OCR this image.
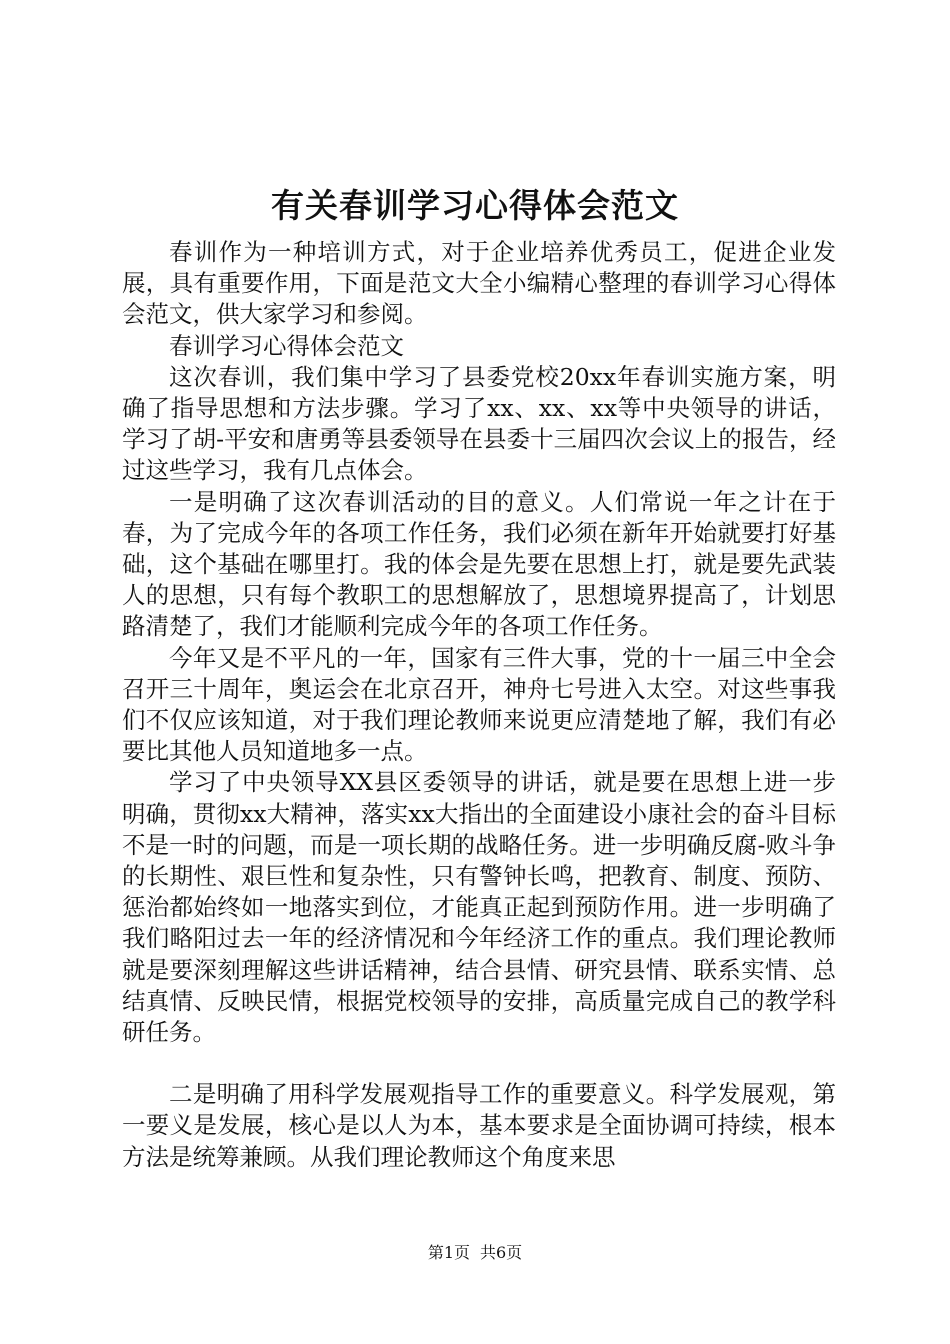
有关春训学习心得体会范文

春训作为一种培训方式，对于企业培养优秀员工，促进企业发展，具有重要作用，下面是范文大全小编精心整理的春训学习心得体会范文，供大家学习和参阅。

春训学习心得体会范文

这次春训，我们集中学习了县委党校20xx年春训实施方案，明确了指导思想和方法步骤。学习了xx、xx、xx等中央领导的讲话，学习了胡-平安和唐勇等县委领导在县委十三届四次会议上的报告，经过这些学习，我有几点体会。

一是明确了这次春训活动的目的意义。人们常说一年之计在于春，为了完成今年的各项工作任务，我们必须在新年开始就要打好基础，这个基础在哪里打。我的体会是先要在思想上打，就是要先武装人的思想，只有每个教职工的思想解放了，思想境界提高了，计划思路清楚了，我们才能顺利完成今年的各项工作任务。

今年又是不平凡的一年，国家有三件大事，党的十一届三中全会召开三十周年，奥运会在北京召开，神舟七号进入太空。对这些事我们不仅应该知道，对于我们理论教师来说更应清楚地了解，我们有必要比其他人员知道地多一点。

学习了中央领导XX县区委领导的讲话，就是要在思想上进一步明确，贯彻xx大精神，落实xx大指出的全面建设小康社会的奋斗目标不是一时的问题，而是一项长期的战略任务。进一步明确反腐-败斗争的长期性、艰巨性和复杂性，只有警钟长鸣，把教育、制度、预防、惩治都始终如一地落实到位，才能真正起到预防作用。进一步明确了我们略阳过去一年的经济情况和今年经济工作的重点。我们理论教师就是要深刻理解这些讲话精神，结合县情、研究县情、联系实情、总结真情、反映民情，根据党校领导的安排，高质量完成自己的教学科研任务。

二是明确了用科学发展观指导工作的重要意义。科学发展观，第一要义是发展，核心是以人为本，基本要求是全面协调可持续，根本方法是统筹兼顾。从我们理论教师这个角度来思

第1页 共6页
